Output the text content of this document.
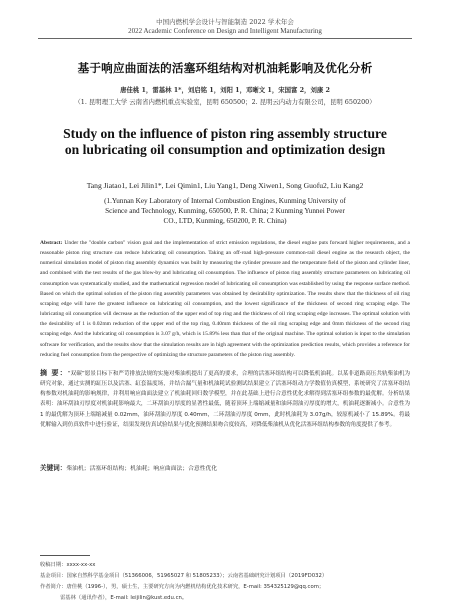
中国内燃机学会设计与智能制造 2022 学术年会
2022 Academic Conference on Design and Intelligent Manufacturing
基于响应曲面法的活塞环组结构对机油耗影响及优化分析
唐佳桃 1，雷基林 1*，刘启铭 1，刘阳 1，邓晰文 1，宋国富 2，刘康 2
（1. 昆明理工大学 云南省内燃机重点实验室，昆明 650500；2. 昆明云内动力有限公司，昆明 650200）
Study on the influence of piston ring assembly structure on lubricating oil consumption and optimization design
Tang Jiatao1, Lei Jilin1*, Lei Qimin1, Liu Yang1, Deng Xiwen1, Song Guofu2, Liu Kang2
(1.Yunnan Key Laboratory of Internal Combustion Engines, Kunming University of Science and Technology, Kunming, 650500, P. R. China; 2 Kunming Yunnei Power CO., LTD, Kunming, 650200, P. R. China)
Abstract: Under the "double carbon" vision goal and the implementation of strict emission regulations, the diesel engine puts forward higher requirements, and a reasonable piston ring structure can reduce lubricating oil consumption. Taking an off-road high-pressure common-rail diesel engine as the research object, the numerical simulation model of piston ring assembly dynamics was built by measuring the cylinder pressure and the temperature field of the piston and cylinder liner, and combined with the test results of the gas blow-by and lubricating oil consumption. The influence of piston ring assembly structure parameters on lubricating oil consumption was systematically studied, and the mathematical regression model of lubricating oil consumption was established by using the response surface method. Based on which the optimal solution of the piston ring assembly parameters was obtained by desirability optimization. The results show that the thickness of oil ring scraping edge will have the greatest influence on lubricating oil consumption, and the lowest significance of the thickness of second ring scraping edge. The lubricating oil consumption will decrease as the reduction of the upper end of top ring and the thickness of oil ring scraping edge increases. The optimal solution with the desirability of 1 is 0.02mm reduction of the upper end of the top ring, 0.40mm thickness of the oil ring scraping edge and 0mm thickness of the second ring scraping edge. And the lubricating oil consumption is 3.07 g/h, which is 15.89% less than that of the original machine. The optimal solution is input to the simulation software for verification, and the results show that the simulation results are in high agreement with the optimization prediction results, which provides a reference for reducing fuel consumption from the perspective of optimizing the structure parameters of the piston ring assembly.
摘 要：“双碳”愿景目标下和严苛排放法规的实施对柴油机提出了更高的要求，合理的活塞环组结构可以降低机油耗。以某非道路高压共轨柴油机为研究对象，通过实测的缸压以及活塞、缸套温度场，并结合漏气量和机油耗试验测试结果建立了活塞环组动力学数值仿真模型，系统研究了活塞环组结构参数对机油耗的影响规律，并利用响应曲面法建立了机油耗回归数学模型，并在此基础上进行合意性优化求解得到活塞环组参数的最优解。分析结果表明：油环刮油刃厚度对机油耗影响最大，二环刮油刃厚度的显著性最低，随着顶环上端缩减量和油环刮油刃厚度的增大，机油耗逐渐减小。合意性为 1 的最优解为顶环上端缩减量 0.02mm，油环刮油刃厚度 0.40mm，二环刮油刃厚度 0mm，此时机油耗为 3.07g/h，较原机减小了 15.89%。将最优解输入到仿真软件中进行验证，结果发现仿真试验结果与优化预测结果吻合度较高，对降低柴油机从优化活塞环组结构参数的角度提供了参考。
关键词：柴油机；活塞环组结构；机油耗；响应曲面法；合意性优化
收稿日期：xxxx-xx-xx
基金项目：国家自然科学基金项目（51366006，51965027 和 51805233）；云南省基础研究计划项目（2019FD032）
作者简介：唐佳桃（1996-），男，硕士生，主要研究方向为内燃机结构优化技术研究，E-mail: 354325129@qq.com；
雷基林（通讯作者），E-mail: leijilin@kust.edu.cn。
